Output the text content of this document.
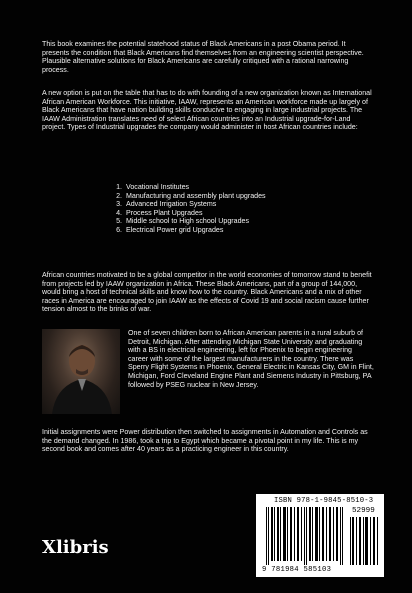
This book examines the potential statehood status of Black Americans in a post Obama period. It presents the condition that Black Americans find themselves from an engineering scientist perspective. Plausible alternative solutions for Black Americans are carefully critiqued with a rational narrowing process.

A new option is put on the table that has to do with founding of a new organization known as International African American Workforce. This initiative, IAAW, represents an American workforce made up largely of Black Americans that have nation building skills conducive to engaging in large industrial projects. The IAAW Administration translates need of select African countries into an Industrial upgrade-for-Land project. Types of Industrial upgrades the company would administer in host African countries include:

1. Vocational Institutes
2. Manufacturing and assembly plant upgrades
3. Advanced Irrigation Systems
4. Process Plant Upgrades
5. Middle school to High school Upgrades
6. Electrical Power grid Upgrades

African countries motivated to be a global competitor in the world economies of tomorrow stand to benefit from projects led by IAAW organization in Africa. These Black Americans, part of a group of 144,000, would bring a host of technical skills and know how to the country. Black Americans and a mix of other races in America are encouraged to join IAAW as the effects of Covid 19 and social racism cause further tension almost to the brinks of war.

One of seven children born to African American parents in a rural suburb of Detroit, Michigan. After attending Michigan State University and graduating with a BS in electrical engineering, left for Phoenix to begin engineering career with some of the largest manufacturers in the country. There was Sperry Flight Systems in Phoenix, General Electric in Kansas City, GM in Flint, Michigan, Ford Cleveland Engine Plant and Siemens Industry in Pittsburg, PA followed by PSEG nuclear in New Jersey.

Initial assignments were Power distribution then switched to assignments in Automation and Controls as the demand changed. In 1986, took a trip to Egypt which became a pivotal point in my life. This is my second book and comes after 40 years as a practicing engineer in this country.

ISBN 978-1-9845-8510-3
52999
9 781984 585103

Xlibris
